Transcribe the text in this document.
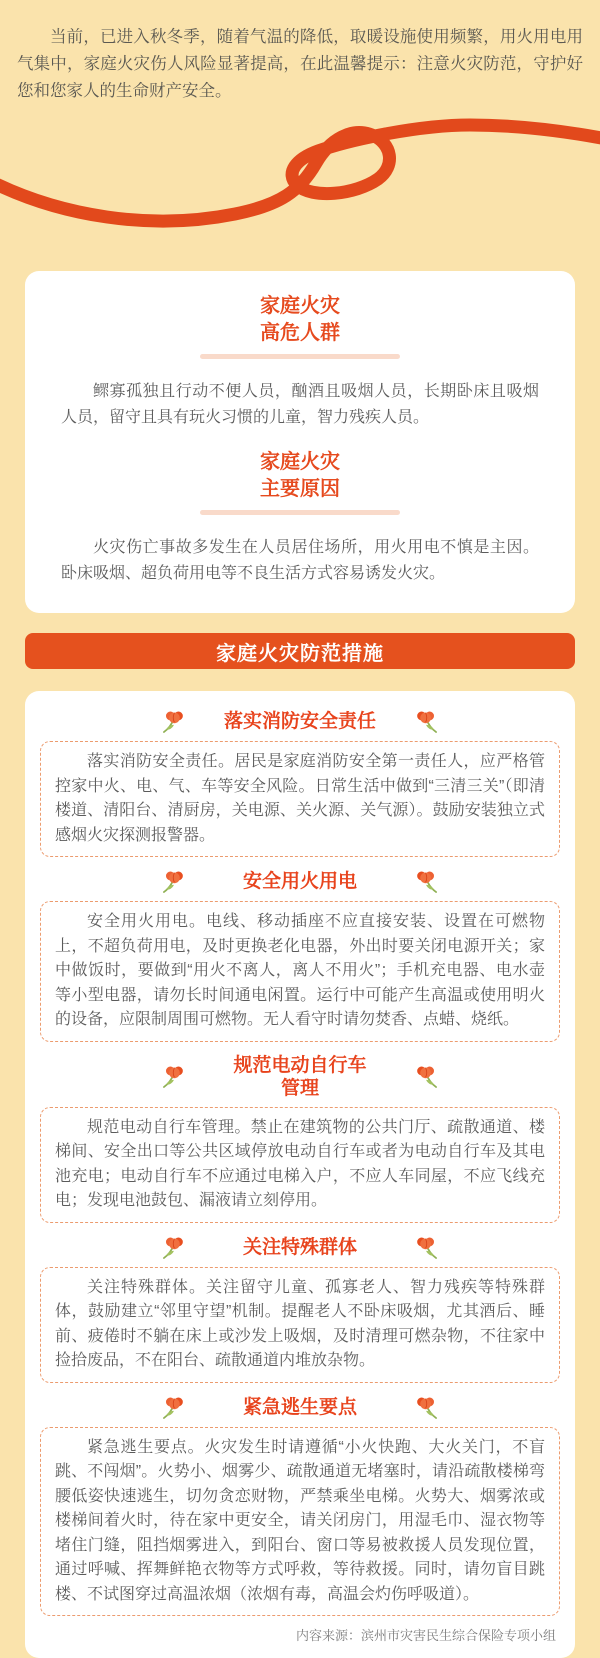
当前，已进入秋冬季，随着气温的降低，取暖设施使用频繁，用火用电用气集中，家庭火灾伤人风险显著提高，在此温馨提示：注意火灾防范，守护好您和您家人的生命财产安全。

家庭火灾
高危人群

鳏寡孤独且行动不便人员，酗酒且吸烟人员，长期卧床且吸烟人员，留守且具有玩火习惯的儿童，智力残疾人员。

家庭火灾
主要原因

火灾伤亡事故多发生在人员居住场所，用火用电不慎是主因。卧床吸烟、超负荷用电等不良生活方式容易诱发火灾。

家庭火灾防范措施
落实消防安全责任

落实消防安全责任。居民是家庭消防安全第一责任人，应严格管控家中火、电、气、车等安全风险。日常生活中做到“三清三关”（即清楼道、清阳台、清厨房，关电源、关火源、关气源）。鼓励安装独立式感烟火灾探测报警器。

安全用火用电

安全用火用电。电线、移动插座不应直接安装、设置在可燃物上，不超负荷用电，及时更换老化电器，外出时要关闭电源开关；家中做饭时，要做到“用火不离人，离人不用火”；手机充电器、电水壶等小型电器，请勿长时间通电闲置。运行中可能产生高温或使用明火的设备，应限制周围可燃物。无人看守时请勿焚香、点蜡、烧纸。

规范电动自行车
管理

规范电动自行车管理。禁止在建筑物的公共门厅、疏散通道、楼梯间、安全出口等公共区域停放电动自行车或者为电动自行车及其电池充电；电动自行车不应通过电梯入户，不应人车同屋，不应飞线充电；发现电池鼓包、漏液请立刻停用。

关注特殊群体

关注特殊群体。关注留守儿童、孤寡老人、智力残疾等特殊群体，鼓励建立“邻里守望”机制。提醒老人不卧床吸烟，尤其酒后、睡前、疲倦时不躺在床上或沙发上吸烟，及时清理可燃杂物，不往家中捡拾废品，不在阳台、疏散通道内堆放杂物。

紧急逃生要点

紧急逃生要点。火灾发生时请遵循“小火快跑、大火关门，不盲跳、不闯烟”。火势小、烟雾少、疏散通道无堵塞时，请沿疏散楼梯弯腰低姿快速逃生，切勿贪恋财物，严禁乘坐电梯。火势大、烟雾浓或楼梯间着火时，待在家中更安全，请关闭房门，用湿毛巾、湿衣物等堵住门缝，阻挡烟雾进入，到阳台、窗口等易被救援人员发现位置，通过呼喊、挥舞鲜艳衣物等方式呼救，等待救援。同时，请勿盲目跳楼、不试图穿过高温浓烟（浓烟有毒，高温会灼伤呼吸道）。

内容来源：滨州市灾害民生综合保险专项小组
